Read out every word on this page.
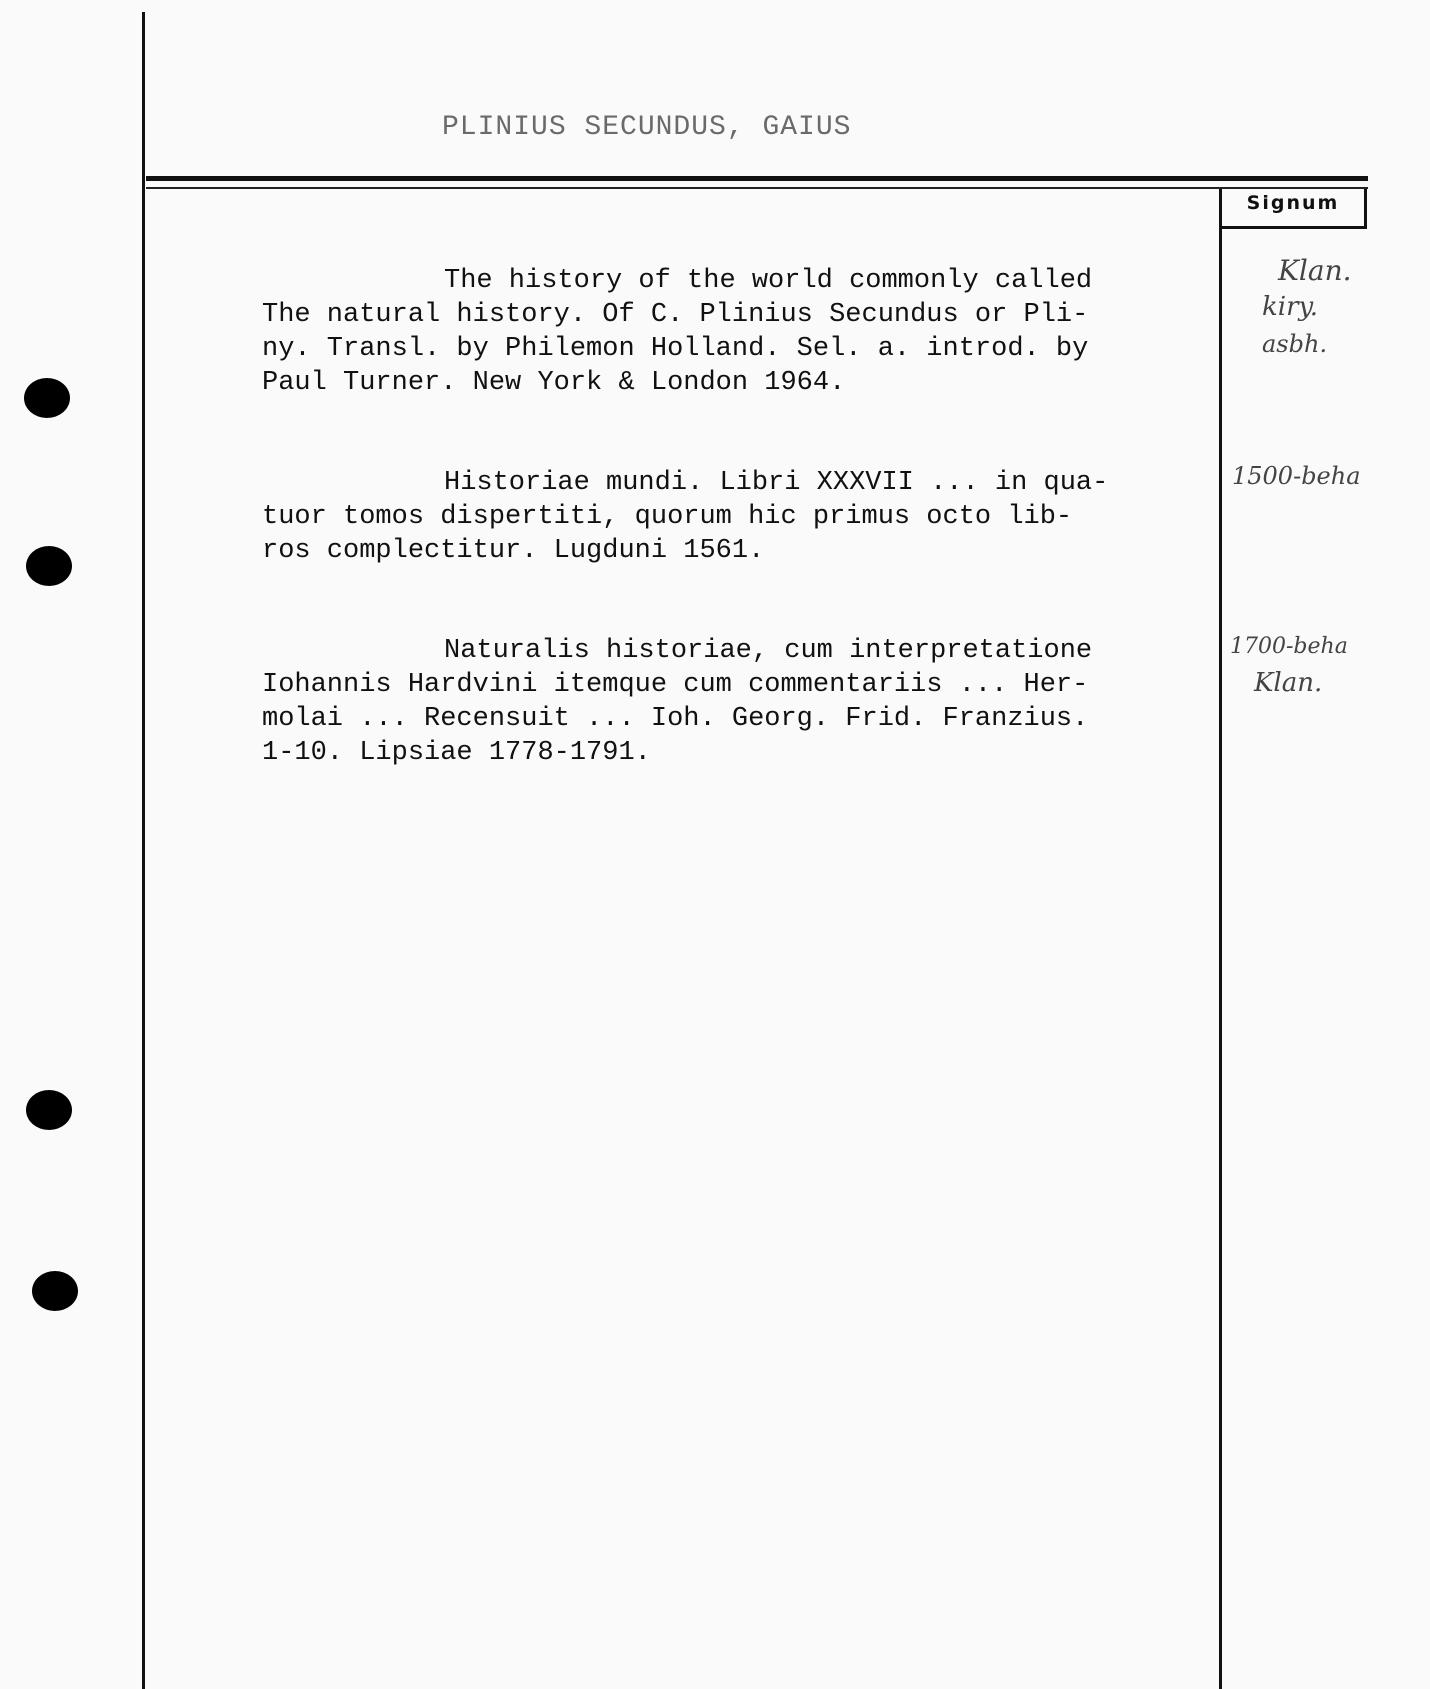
PLINIUS SECUNDUS, GAIUS
Signum
The history of the world commonly called
The natural history. Of C. Plinius Secundus or Pli-
ny. Transl. by Philemon Holland. Sel. a. introd. by
Paul Turner. New York & London 1964.
Historiae mundi. Libri XXXVII ... in qua-
tuor tomos dispertiti, quorum hic primus octo lib-
ros complectitur. Lugduni 1561.
Naturalis historiae, cum interpretatione
Iohannis Hardvini itemque cum commentariis ... Her-
molai ... Recensuit ... Ioh. Georg. Frid. Franzius.
1-10. Lipsiae 1778-1791.
Klan.
kiry.
asbh.
1500-beha
1700-beha
Klan.
